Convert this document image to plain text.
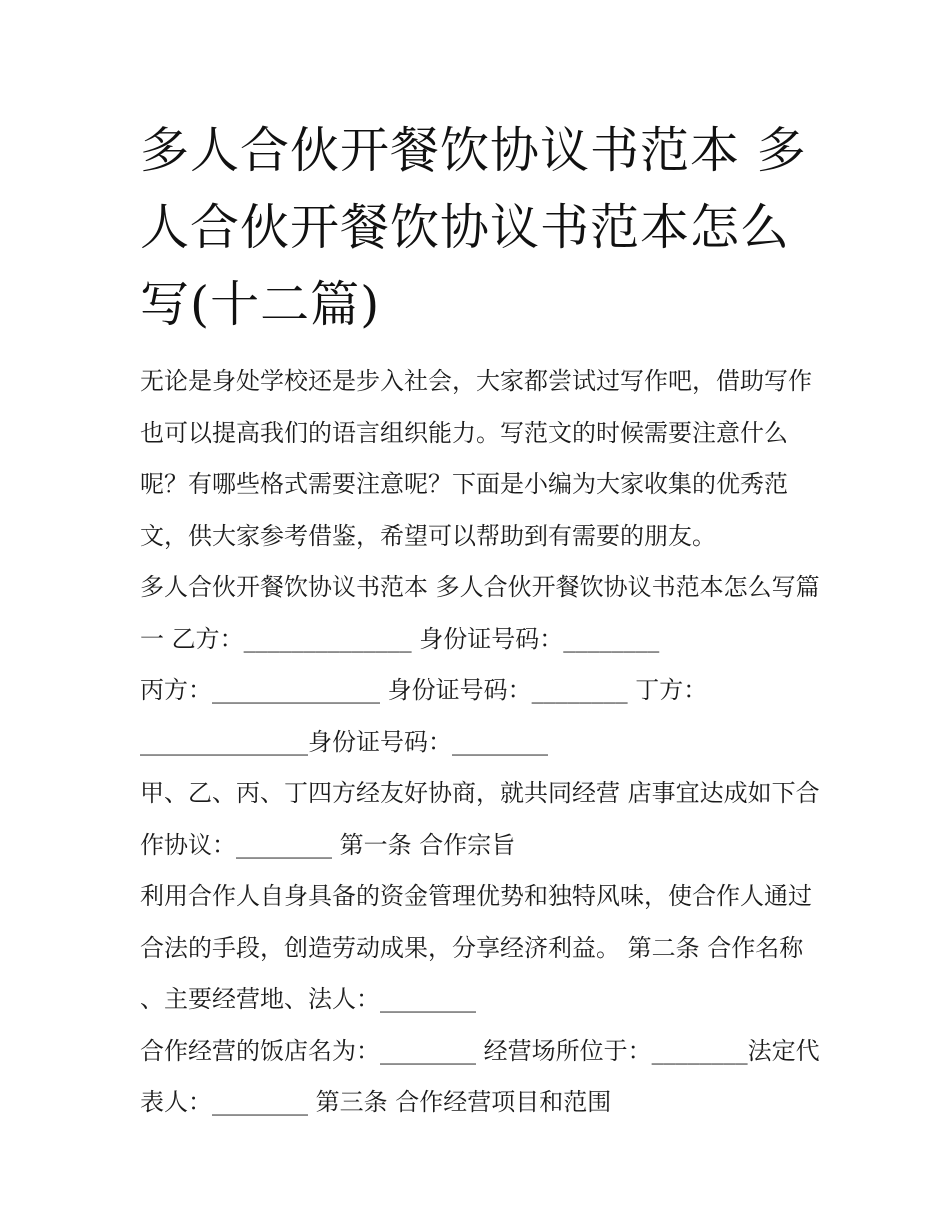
多人合伙开餐饮协议书范本 多人合伙开餐饮协议书范本怎么写(十二篇)

无论是身处学校还是步入社会，大家都尝试过写作吧，借助写作也可以提高我们的语言组织能力。写范文的时候需要注意什么呢？有哪些格式需要注意呢？下面是小编为大家收集的优秀范文，供大家参考借鉴，希望可以帮助到有需要的朋友。

多人合伙开餐饮协议书范本 多人合伙开餐饮协议书范本怎么写篇一 乙方：______________ 身份证号码：________

丙方：______________ 身份证号码：________ 丁方：______________身份证号码：________

甲、乙、丙、丁四方经友好协商，就共同经营 店事宜达成如下合作协议：________ 第一条 合作宗旨

利用合作人自身具备的资金管理优势和独特风味，使合作人通过合法的手段，创造劳动成果，分享经济利益。 第二条 合作名称 、主要经营地、法人：________

合作经营的饭店名为：________ 经营场所位于：________法定代表人：________ 第三条 合作经营项目和范围
